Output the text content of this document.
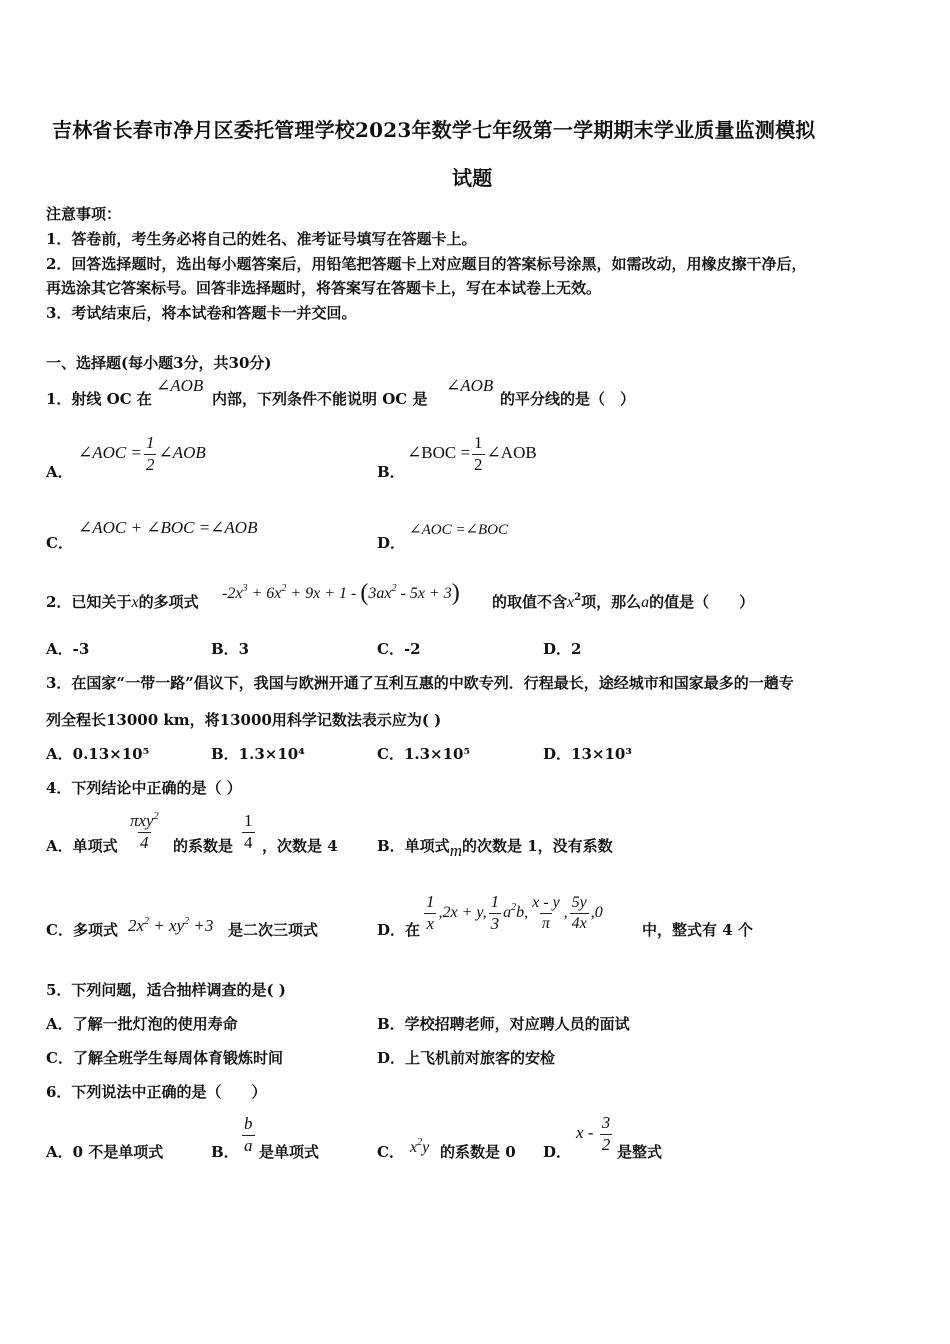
吉林省长春市净月区委托管理学校2023年数学七年级第一学期期末学业质量监测模拟
试题
注意事项：
1．答卷前，考生务必将自己的姓名、准考证号填写在答题卡上。
2．回答选择题时，选出每小题答案后，用铅笔把答题卡上对应题目的答案标号涂黑，如需改动，用橡皮擦干净后，
再选涂其它答案标号。回答非选择题时，将答案写在答题卡上，写在本试卷上无效。
3．考试结束后，将本试卷和答题卡一并交回。
一、选择题(每小题3分，共30分)
1．射线 OC 在
∠AOB
内部，下列条件不能说明 OC 是
∠AOB
的平分线的是（　）
A．
∠AOC = $\frac{1}{2}$ ∠AOB
B．
∠BOC = $\frac{1}{2}$ ∠AOB
C．
∠AOC + ∠BOC =∠AOB
D．
∠AOC =∠BOC
2．已知关于x的多项式 $-2x^3 + 6x^2 + 9x + 1 - (3ax^2 - 5x + 3)$ 的取值不含$x^2$项，那么a的值是（　　）
A．-3	B．3	C．-2	D．2
3．在国家“一带一路”倡议下，我国与欧洲开通了互利互惠的中欧专列．行程最长，途经城市和国家最多的一趟专
列全程长13000 km，将13000用科学记数法表示应为( )
A．0.13×10⁵	B．1.3×10⁴	C．1.3×10⁵	D．13×10³
4．下列结论中正确的是（ ）
A．单项式 $\frac{\pi xy^2}{4}$ 的系数是 $\frac{1}{4}$ ，次数是 4	B．单项式m的次数是 1，没有系数
C．多项式 $2x^2 + xy^2 +3$ 是二次三项式	D．在 $\frac{1}{x} ,2x + y$, $\frac{1}{3} a^2b$, $\frac{x - y}{\pi}$ , $\frac{5y}{4x} ,0$
中，整式有 4 个
5．下列问题，适合抽样调查的是( )
A．了解一批灯泡的使用寿命	B．学校招聘老师，对应聘人员的面试
C．了解全班学生每周体育锻炼时间	D．上飞机前对旅客的安检
6．下列说法中正确的是（　　）
A．0 不是单项式	B． $\frac{b}{a}$ 是单项式	C． $x^2y$ 的系数是 0 D．
x - $\frac{3}{2}$ 是整式
